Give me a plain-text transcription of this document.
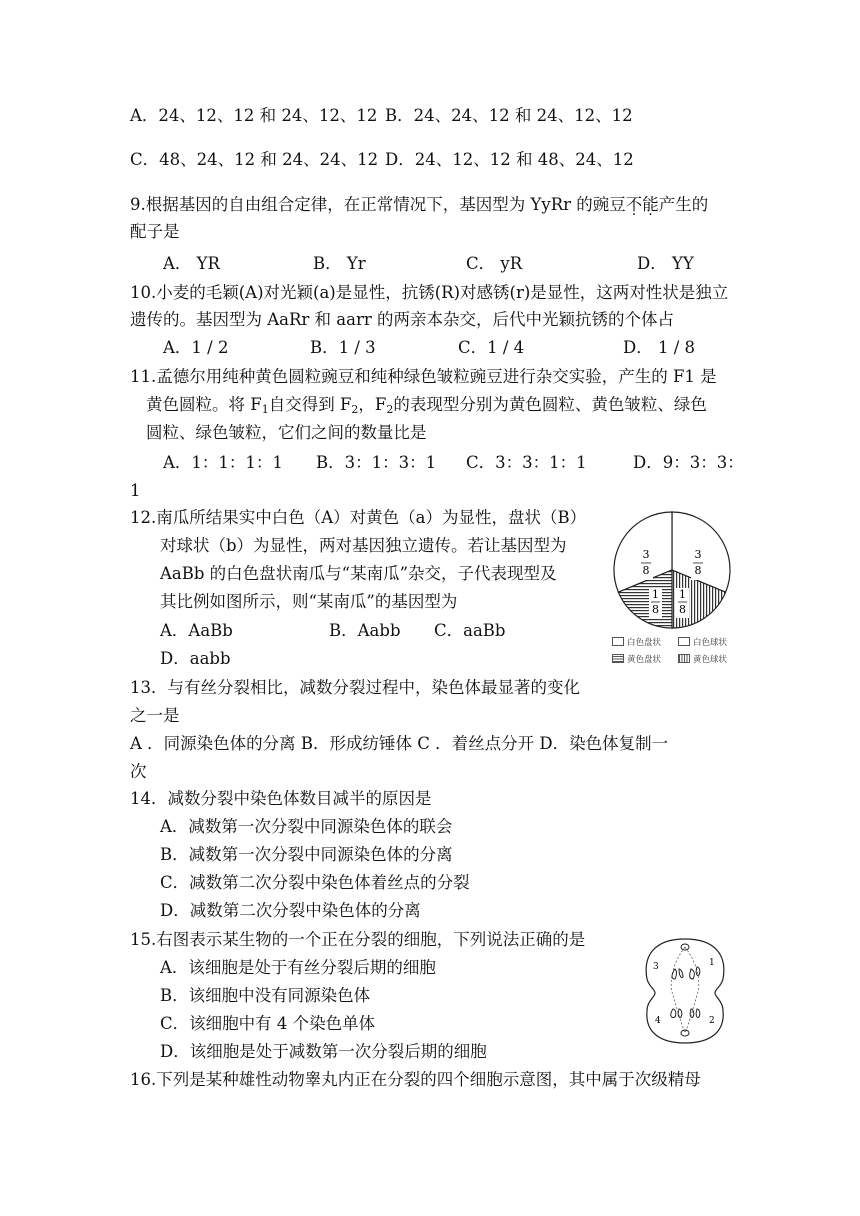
A．24、12、12 和 24、12、12 B．24、24、12 和 24、12、12
C．48、24、12 和 24、24、12 D．24、12、12 和 48、24、12
9.根据基因的自由组合定律，在正常情况下，基因型为 YyRr 的豌豆不能产生的
配子是
A． YR	B． Yr	C． yR	D． YY
10.小麦的毛颖(A)对光颖(a)是显性，抗锈(R)对感锈(r)是显性，这两对性状是独立
遗传的。基因型为 AaRr 和 aarr 的两亲本杂交，后代中光颖抗锈的个体占
A．1 / 2	B．1 / 3	C．1 / 4	D． 1 / 8
11.孟德尔用纯种黄色圆粒豌豆和纯种绿色皱粒豌豆进行杂交实验，产生的 F1 是
黄色圆粒。将 $F_1$自交得到 $F_2$，$F_2$的表现型分别为黄色圆粒、黄色皱粒、绿色
圆粒、绿色皱粒，它们之间的数量比是
A．1：1：1：1 B．3：1：3：1 C．3：3：1：1	D．9：3：3：
1
12.南瓜所结果实中白色（A）对黄色（a）为显性，盘状（B）
对球状（b）为显性，两对基因独立遗传。若让基因型为
AaBb 的白色盘状南瓜与“某南瓜”杂交，子代表现型及
其比例如图所示，则“某南瓜”的基因型为
A．AaBb	B．Aabb C．aaBb
D．aabb
3
8
3
8
1
8
1
8
白色盘状	白色球状
黄色盘状	黄色球状
13．与有丝分裂相比，减数分裂过程中，染色体最显著的变化
之一是
A ．同源染色体的分离 B．形成纺锤体 C ．着丝点分开 D．染色体复制一
次
14．减数分裂中染色体数目减半的原因是
A．减数第一次分裂中同源染色体的联会
B．减数第一次分裂中同源染色体的分离
C．减数第二次分裂中染色体着丝点的分裂
D．减数第二次分裂中染色体的分离
15.右图表示某生物的一个正在分裂的细胞，下列说法正确的是
A．该细胞是处于有丝分裂后期的细胞
B．该细胞中没有同源染色体
C．该细胞中有 4 个染色单体
D．该细胞是处于减数第一次分裂后期的细胞
3	1
4	2
16.下列是某种雄性动物睾丸内正在分裂的四个细胞示意图，其中属于次级精母
